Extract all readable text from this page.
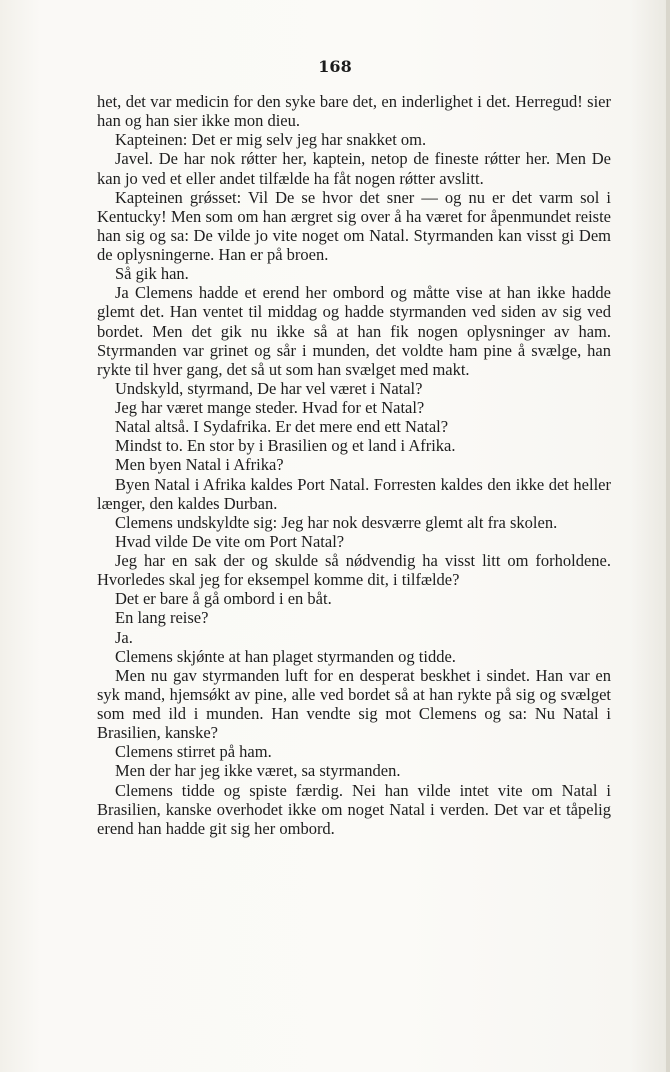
168

het, det var medicin for den syke bare det, en inderlighet i det. Herregud! sier han og han sier ikke mon dieu.

Kapteinen: Det er mig selv jeg har snakket om.

Javel. De har nok rǿtter her, kaptein, netop de fineste rǿtter her. Men De kan jo ved et eller andet tilfælde ha fåt nogen rǿtter avslitt.

Kapteinen grǿsset: Vil De se hvor det sner — og nu er det varm sol i Kentucky! Men som om han ærgret sig over å ha været for åpenmundet reiste han sig og sa: De vilde jo vite noget om Natal. Styrmanden kan visst gi Dem de oplysningerne. Han er på broen.

Så gik han.

Ja Clemens hadde et erend her ombord og måtte vise at han ikke hadde glemt det. Han ventet til middag og hadde styrmanden ved siden av sig ved bordet. Men det gik nu ikke så at han fik nogen oplysninger av ham. Styrmanden var grinet og sår i munden, det voldte ham pine å svælge, han rykte til hver gang, det så ut som han svælget med makt.

Undskyld, styrmand, De har vel været i Natal?

Jeg har været mange steder. Hvad for et Natal?

Natal altså. I Sydafrika. Er det mere end ett Natal?

Mindst to. En stor by i Brasilien og et land i Afrika.

Men byen Natal i Afrika?

Byen Natal i Afrika kaldes Port Natal. Forresten kaldes den ikke det heller længer, den kaldes Durban.

Clemens undskyldte sig: Jeg har nok desværre glemt alt fra skolen.

Hvad vilde De vite om Port Natal?

Jeg har en sak der og skulde så nǿdvendig ha visst litt om forholdene. Hvorledes skal jeg for eksempel komme dit, i tilfælde?

Det er bare å gå ombord i en båt.

En lang reise?

Ja.

Clemens skjǿnte at han plaget styrmanden og tidde.

Men nu gav styrmanden luft for en desperat beskhet i sindet. Han var en syk mand, hjemsǿkt av pine, alle ved bordet så at han rykte på sig og svælget som med ild i munden. Han vendte sig mot Clemens og sa: Nu Natal i Brasilien, kanske?

Clemens stirret på ham.

Men der har jeg ikke været, sa styrmanden.

Clemens tidde og spiste færdig. Nei han vilde intet vite om Natal i Brasilien, kanske overhodet ikke om noget Natal i verden. Det var et tåpelig erend han hadde git sig her ombord.
